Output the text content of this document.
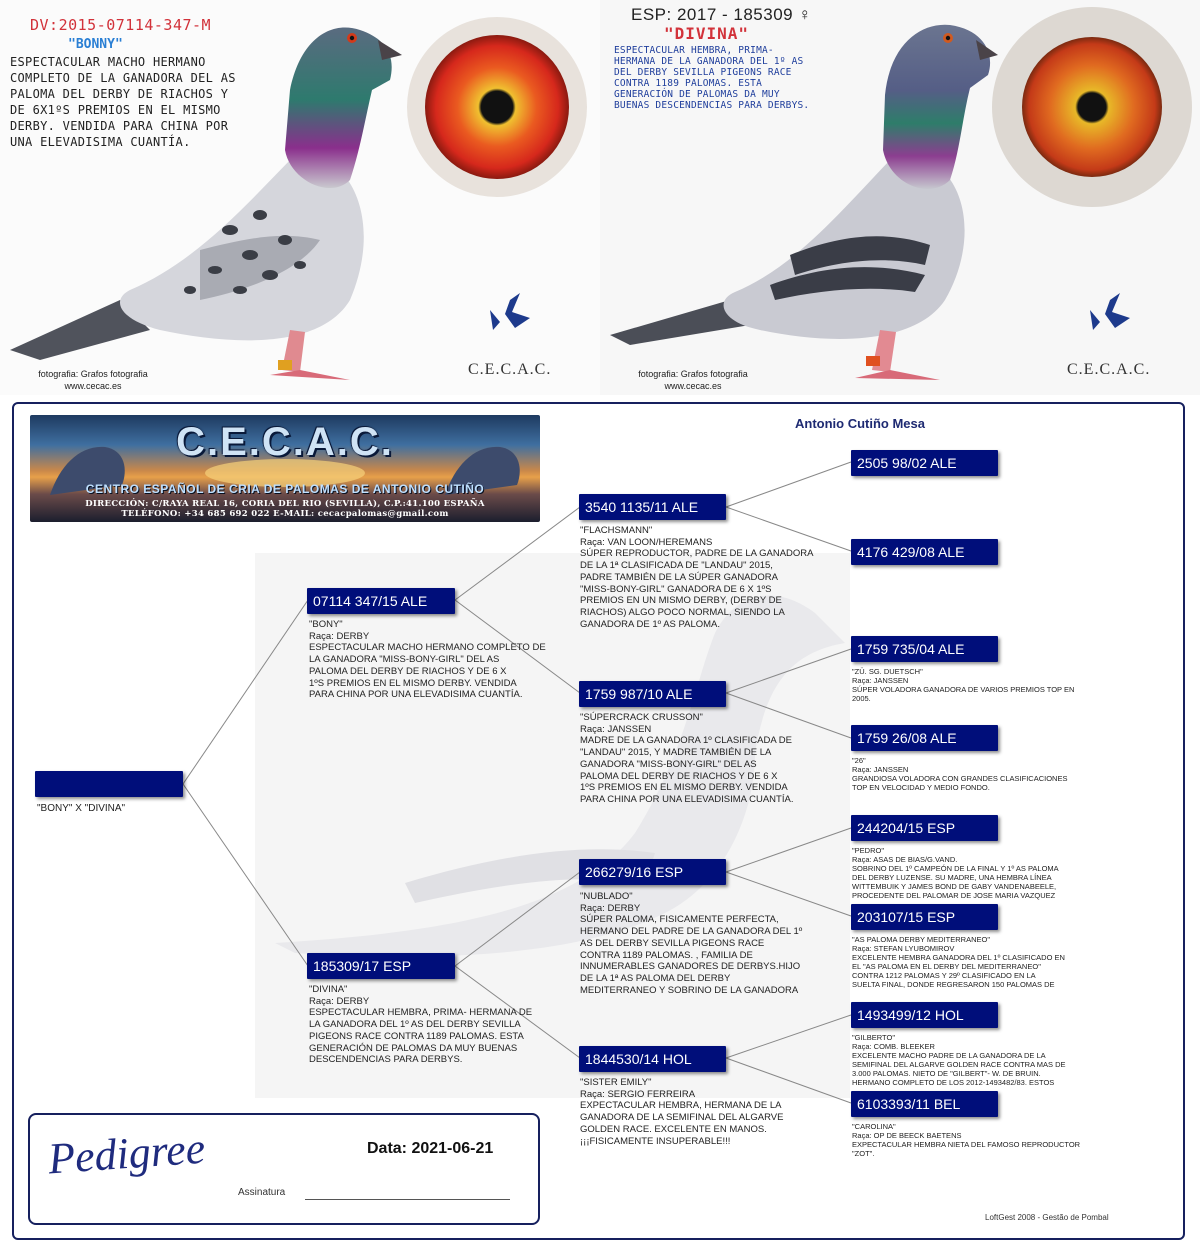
DV:2015-07114-347-M
"BONNY"
ESPECTACULAR MACHO HERMANO
COMPLETO DE LA GANADORA DEL AS
PALOMA DEL DERBY DE RIACHOS Y
DE 6X1ºS PREMIOS EN EL MISMO
DERBY. VENDIDA PARA CHINA POR
UNA ELEVADISIMA CUANTÍA.
fotografia: Grafos fotografia
www.cecac.es
C.E.C.A.C.
ESP: 2017 - 185309 ♀
"DIVINA"
ESPECTACULAR HEMBRA, PRIMA-
HERMANA DE LA GANADORA DEL 1º AS
DEL DERBY SEVILLA PIGEONS RACE
CONTRA 1189 PALOMAS. ESTA
GENERACIÓN DE PALOMAS DA MUY
BUENAS DESCENDENCIAS PARA DERBYS.
fotografia: Grafos fotografia
www.cecac.es
C.E.C.A.C.
C.E.C.A.C.
CENTRO ESPAÑOL DE CRIA DE PALOMAS DE ANTONIO CUTIÑO
DIRECCIÓN: C/RAYA REAL 16, CORIA DEL RIO (SEVILLA), C.P.:41.100 ESPAÑA
TELÉFONO: +34 685 692 022 E-MAIL: cecacpalomas@gmail.com
Antonio Cutiño Mesa
"BONY" X "DIVINA"
07114 347/15 ALE
"BONY"
Raça: DERBY
ESPECTACULAR MACHO HERMANO COMPLETO DE
LA GANADORA "MISS-BONY-GIRL" DEL AS
PALOMA DEL DERBY DE RIACHOS Y DE 6 X
1ºS PREMIOS EN EL MISMO DERBY. VENDIDA
PARA CHINA POR UNA ELEVADISIMA CUANTÍA.
185309/17 ESP
"DIVINA"
Raça: DERBY
ESPECTACULAR HEMBRA, PRIMA- HERMANA DE
LA GANADORA DEL 1º AS DEL DERBY SEVILLA
PIGEONS RACE CONTRA 1189 PALOMAS. ESTA
GENERACIÓN DE PALOMAS DA MUY BUENAS
DESCENDENCIAS PARA DERBYS.
3540 1135/11 ALE
"FLACHSMANN"
Raça: VAN LOON/HEREMANS
SÚPER REPRODUCTOR, PADRE DE LA GANADORA
DE LA 1ª CLASIFICADA DE "LANDAU" 2015,
PADRE TAMBIÉN DE LA SÚPER GANADORA
"MISS-BONY-GIRL" GANADORA DE 6 X 1ºS
PREMIOS EN UN MISMO DERBY, (DERBY DE
RIACHOS) ALGO POCO NORMAL, SIENDO LA
GANADORA DE 1º AS PALOMA.
1759 987/10 ALE
"SÚPERCRACK CRUSSON"
Raça: JANSSEN
MADRE DE LA GANADORA 1º CLASIFICADA DE
"LANDAU" 2015, Y MADRE TAMBIÉN DE LA
GANADORA "MISS-BONY-GIRL" DEL AS
PALOMA DEL DERBY DE RIACHOS Y DE 6 X
1ºS PREMIOS EN EL MISMO DERBY. VENDIDA
PARA CHINA POR UNA ELEVADISIMA CUANTÍA.
266279/16 ESP
"NUBLADO"
Raça: DERBY
SÚPER PALOMA, FISICAMENTE PERFECTA,
HERMANO DEL PADRE DE LA GANADORA DEL 1º
AS DEL DERBY SEVILLA PIGEONS RACE
CONTRA 1189 PALOMAS. , FAMILIA DE
INNUMERABLES GANADORES DE DERBYS.HIJO
DE LA 1ª AS PALOMA DEL DERBY
MEDITERRANEO Y SOBRINO DE LA GANADORA
1844530/14 HOL
"SISTER EMILY"
Raça: SERGIO FERREIRA
EXPECTACULAR HEMBRA, HERMANA DE LA
GANADORA DE LA SEMIFINAL DEL ALGARVE
GOLDEN RACE. EXCELENTE EN MANOS.
¡¡¡FISICAMENTE INSUPERABLE!!!
2505 98/02 ALE
4176 429/08 ALE
1759 735/04 ALE
"ZÜ. SG. DUETSCH"
Raça: JANSSEN
SÚPER VOLADORA GANADORA DE VARIOS PREMIOS TOP EN
2005.
1759 26/08 ALE
"26"
Raça: JANSSEN
GRANDIOSA VOLADORA CON GRANDES CLASIFICACIONES
TOP EN VELOCIDAD Y MEDIO FONDO.
244204/15 ESP
"PEDRO"
Raça: ASAS DE BIAS/G.VAND.
SOBRINO DEL 1º CAMPEÓN DE LA FINAL Y 1º AS PALOMA
DEL DERBY LUZENSE. SU MADRE, UNA HEMBRA LÍNEA
WITTEMBUIK Y JAMES BOND DE GABY VANDENABEELE,
PROCEDENTE DEL PALOMAR DE JOSE MARIA VAZQUEZ
203107/15 ESP
"AS PALOMA DERBY MEDITERRANEO"
Raça: STEFAN LYUBOMIROV
EXCELENTE HEMBRA GANADORA DEL 1º CLASIFICADO EN
EL "AS PALOMA EN EL DERBY DEL MEDITERRANEO"
CONTRA 1212 PALOMAS Y 29º CLASIFICADO EN LA
SUELTA FINAL, DONDE REGRESARON 150 PALOMAS DE
1493499/12 HOL
"GILBERTO"
Raça: COMB. BLEEKER
EXCELENTE MACHO PADRE DE LA GANADORA DE LA
SEMIFINAL DEL ALGARVE GOLDEN RACE CONTRA MAS DE
3.000 PALOMAS. NIETO DE "GILBERT"- W. DE BRUIN.
HERMANO COMPLETO DE LOS 2012-1493482/83. ESTOS
6103393/11 BEL
"CAROLINA"
Raça: OP DE BEECK BAETENS
EXPECTACULAR HEMBRA NIETA DEL FAMOSO REPRODUCTOR
"ZOT".
Pedigree	Data: 2021-06-21
Assinatura
LoftGest 2008 - Gestão de Pombal
